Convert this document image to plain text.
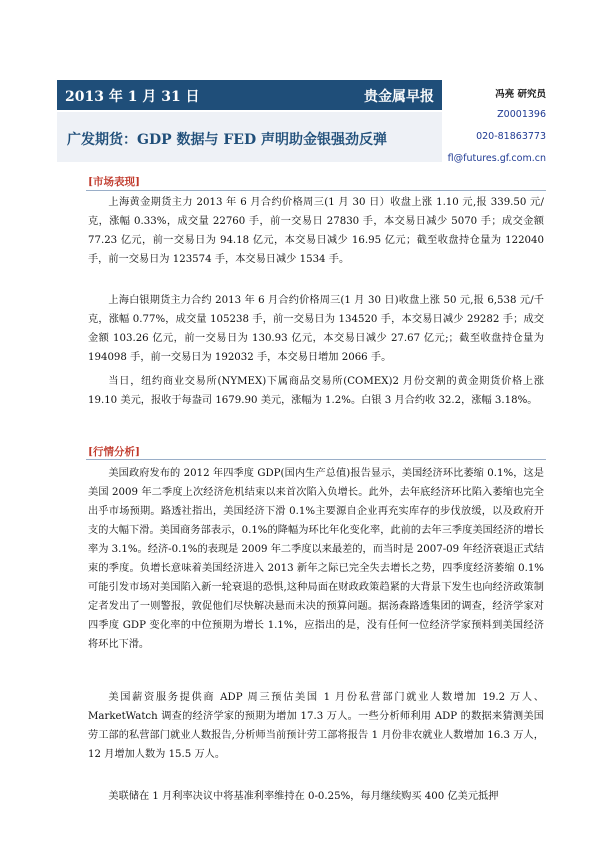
2013 年 1 月 31 日	贵金属早报
广发期货：GDP 数据与 FED 声明助金银强劲反弹
冯亮 研究员
Z0001396
020-81863773
fl@futures.gf.com.cn
[市场表现]

上海黄金期货主力 2013 年 6 月合约价格周三(1 月 30 日）收盘上涨 1.10 元,报 339.50 元/克，涨幅 0.33%，成交量 22760 手，前一交易日 27830 手，本交易日减少 5070 手；成交金额 77.23 亿元，前一交易日为 94.18 亿元，本交易日减少 16.95 亿元；截至收盘持仓量为 122040 手，前一交易日为 123574 手，本交易日减少 1534 手。

上海白银期货主力合约 2013 年 6 月合约价格周三(1 月 30 日)收盘上涨 50 元,报 6,538 元/千克，涨幅 0.77%，成交量 105238 手，前一交易日为 134520 手，本交易日减少 29282 手；成交金额 103.26 亿元，前一交易日为 130.93 亿元，本交易日减少 27.67 亿元;；截至收盘持仓量为 194098 手，前一交易日为 192032 手，本交易日增加 2066 手。

当日，纽约商业交易所(NYMEX)下属商品交易所(COMEX)2 月份交割的黄金期货价格上涨 19.10 美元，报收于每盎司 1679.90 美元，涨幅为 1.2%。白银 3 月合约收 32.2，涨幅 3.18%。

[行情分析]

美国政府发布的 2012 年四季度 GDP(国内生产总值)报告显示，美国经济环比萎缩 0.1%，这是美国 2009 年二季度上次经济危机结束以来首次陷入负增长。此外，去年底经济环比陷入萎缩也完全出乎市场预期。路透社指出，美国经济下滑 0.1%主要源自企业再充实库存的步伐放缓，以及政府开支的大幅下滑。美国商务部表示，0.1%的降幅为环比年化变化率，此前的去年三季度美国经济的增长率为 3.1%。经济-0.1%的表现是 2009 年二季度以来最差的，而当时是 2007-09 年经济衰退正式结束的季度。负增长意味着美国经济进入 2013 新年之际已完全失去增长之势，四季度经济萎缩 0.1%可能引发市场对美国陷入新一轮衰退的恐惧,这种局面在财政政策趋紧的大背景下发生也向经济政策制定者发出了一则警报，敦促他们尽快解决悬而未决的预算问题。据汤森路透集团的调查，经济学家对四季度 GDP 变化率的中位预期为增长 1.1%，应指出的是，没有任何一位经济学家预料到美国经济将环比下滑。

美国薪资服务提供商 ADP 周三预估美国 1 月份私营部门就业人数增加 19.2 万人、MarketWatch 调查的经济学家的预期为增加 17.3 万人。一些分析师利用 ADP 的数据来猜测美国劳工部的私营部门就业人数报告,分析师当前预计劳工部将报告 1 月份非农就业人数增加 16.3 万人，12 月增加人数为 15.5 万人。

美联储在 1 月利率决议中将基准利率维持在 0-0.25%，每月继续购买 400 亿美元抵押
